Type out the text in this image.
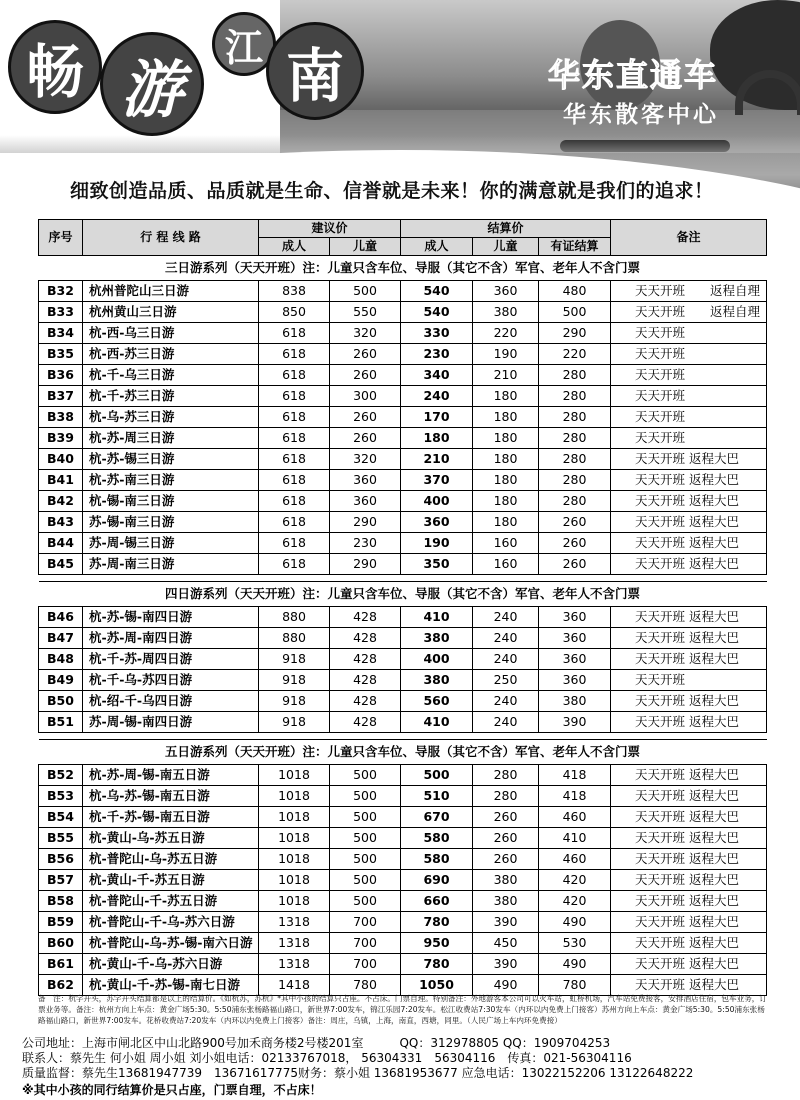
畅 游
江 南	华东直通车
华东散客中心
细致创造品质、品质就是生命、信誉就是未来！你的满意就是我们的追求！
序号	行 程 线 路	建议价		结算价			备注
		成人	儿童	成人	儿童	有证结算	
三日游系列（天天开班）注：儿童只含车位、导服（其它不含）军官、老年人不含门票							
B32	杭州普陀山三日游	838	500	540	360	480	天天开班　　返程自理
B33	杭州黄山三日游	850	550	540	380	500	天天开班　　返程自理
B34	杭-西-乌三日游	618	320	330	220	290	天天开班
B35	杭-西-苏三日游	618	260	230	190	220	天天开班
B36	杭-千-乌三日游	618	260	340	210	280	天天开班
B37	杭-千-苏三日游	618	300	240	180	280	天天开班
B38	杭-乌-苏三日游	618	260	170	180	280	天天开班
B39	杭-苏-周三日游	618	260	180	180	280	天天开班
B40	杭-苏-锡三日游	618	320	210	180	280	天天开班 返程大巴
B41	杭-苏-南三日游	618	360	370	180	280	天天开班 返程大巴
B42	杭-锡-南三日游	618	360	400	180	280	天天开班 返程大巴
B43	苏-锡-南三日游	618	290	360	180	260	天天开班 返程大巴
B44	苏-周-锡三日游	618	230	190	160	260	天天开班 返程大巴
B45	苏-周-南三日游	618	290	350	160	260	天天开班 返程大巴

四日游系列（天天开班）注：儿童只含车位、导服（其它不含）军官、老年人不含门票							
B46	杭-苏-锡-南四日游	880	428	410	240	360	天天开班 返程大巴
B47	杭-苏-周-南四日游	880	428	380	240	360	天天开班 返程大巴
B48	杭-千-苏-周四日游	918	428	400	240	360	天天开班 返程大巴
B49	杭-千-乌-苏四日游	918	428	380	250	360	天天开班
B50	杭-绍-千-乌四日游	918	428	560	240	380	天天开班 返程大巴
B51	苏-周-锡-南四日游	918	428	410	240	390	天天开班 返程大巴

五日游系列（天天开班）注：儿童只含车位、导服（其它不含）军官、老年人不含门票							
B52	杭-苏-周-锡-南五日游	1018	500	500	280	418	天天开班 返程大巴
B53	杭-乌-苏-锡-南五日游	1018	500	510	280	418	天天开班 返程大巴
B54	杭-千-苏-锡-南五日游	1018	500	670	260	460	天天开班 返程大巴
B55	杭-黄山-乌-苏五日游	1018	500	580	260	410	天天开班 返程大巴
B56	杭-普陀山-乌-苏五日游	1018	500	580	260	460	天天开班 返程大巴
B57	杭-黄山-千-苏五日游	1018	500	690	380	420	天天开班 返程大巴
B58	杭-普陀山-千-苏五日游	1018	500	660	380	420	天天开班 返程大巴
B59	杭-普陀山-千-乌-苏六日游	1318	700	780	390	490	天天开班 返程大巴
B60	杭-普陀山-乌-苏-锡-南六日游	1318	700	950	450	530	天天开班 返程大巴
B61	杭-黄山-千-乌-苏六日游	1318	700	780	390	490	天天开班 返程大巴
B62	杭-黄山-千-苏-锡-南七日游	1418	780	1050	490	780	天天开班 返程大巴
备　注：杭字开头，苏字开头结算都是以上的结算价。《如杭苏，苏杭》*其中小孩的结算只占座。不占床。门票自理。特别备注：外地游客本公司可以火车站，虹桥机场，汽车站免费接客，安排酒店住宿，包车业务，订票业务等。备注：杭州方向上车点：黄金广场5:30。5:50浦东张杨路福山路口，新世界7:00发车，锦江乐园7:20发车。松江收费站7:30发车（内环以内免费上门接客）苏州方向上车点：黄金广场5:30。5:50浦东张杨路福山路口，新世界7:00发车。花桥收费站7:20发车（内环以内免费上门接客）备注：周庄，乌镇，上海，南直，西塘，同里。（人民广场上车内环免费接）
公司地址：上海市闸北区中山北路900号加禾商务楼2号楼201室　　　QQ：312978805 QQ：1909704253
联系人：蔡先生 何小姐 周小姐 刘小姐电话：02133767018， 56304331　56304116　传真：021-56304116
质量监督：蔡先生13681947739　13671617775财务：蔡小姐 13681953677 应急电话：13022152206 13122648222
※其中小孩的同行结算价是只占座，门票自理，不占床！
